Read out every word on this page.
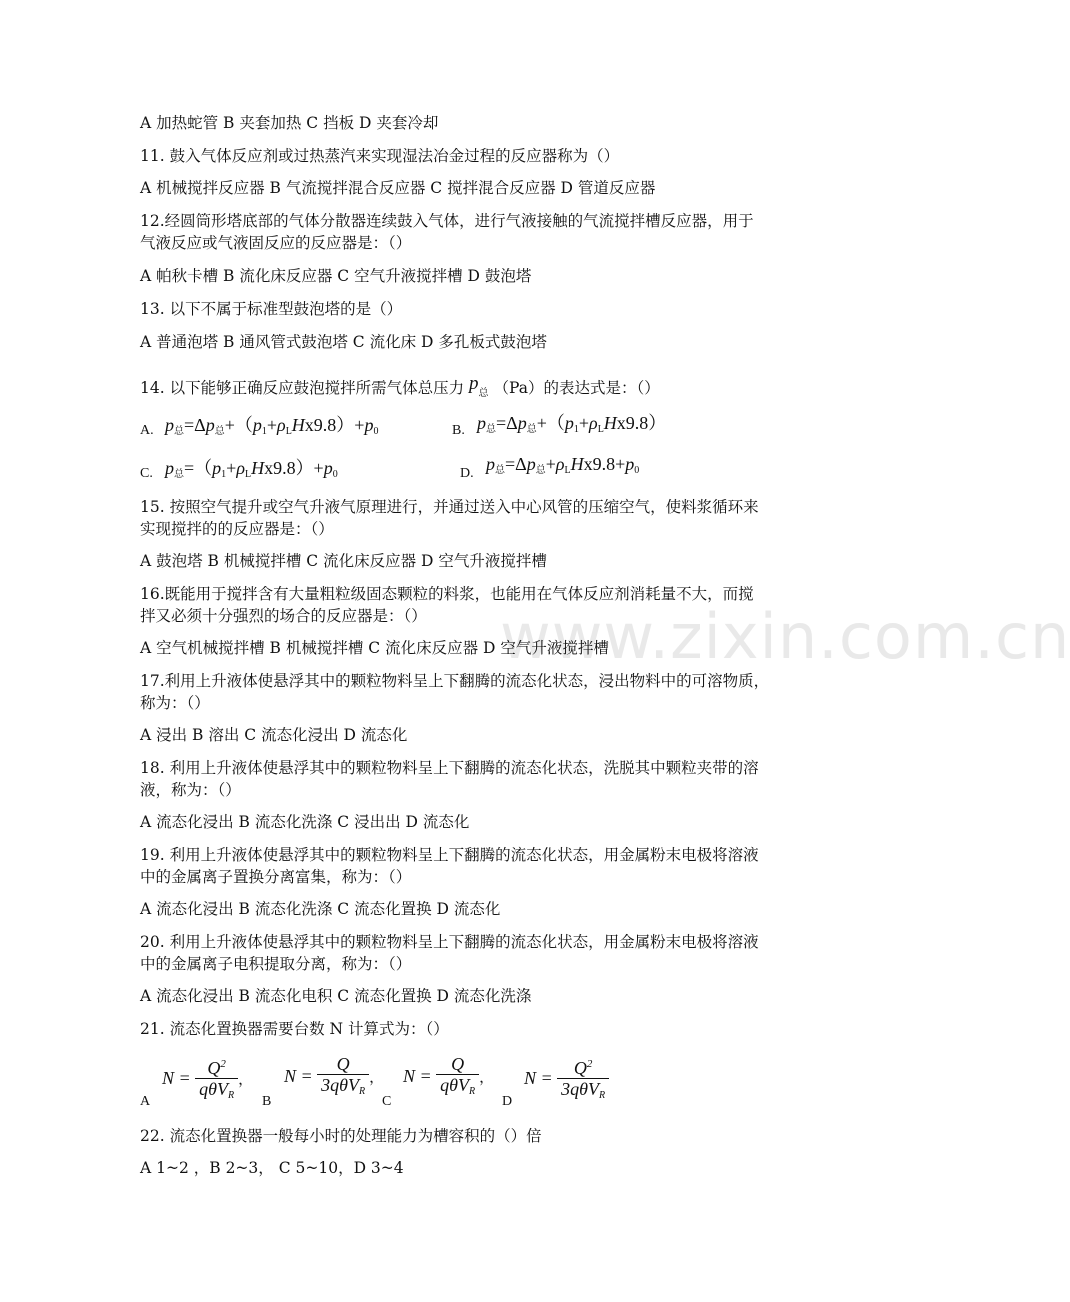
www.zixin.com.cn
A 加热蛇管 B 夹套加热 C 挡板 D 夹套冷却
11. 鼓入气体反应剂或过热蒸汽来实现湿法冶金过程的反应器称为（）
A 机械搅拌反应器 B 气流搅拌混合反应器 C 搅拌混合反应器 D 管道反应器
12.经圆筒形塔底部的气体分散器连续鼓入气体，进行气液接触的气流搅拌槽反应器，用于
气液反应或气液固反应的反应器是：（）
A 帕秋卡槽 B 流化床反应器 C 空气升液搅拌槽 D 鼓泡塔
13. 以下不属于标准型鼓泡塔的是（）
A 普通泡塔 B 通风管式鼓泡塔 C 流化床 D 多孔板式鼓泡塔
14. 以下能够正确反应鼓泡搅拌所需气体总压力 $p_总$ （Pa）的表达式是：（）
A. $p_总=\Delta p_总+(p_1+\rho_LHx9.8)+p_0$	B. $p_总=\Delta p_总+(p_1+\rho_LHx9.8)$
C. $p_总=(p_1+\rho_LHx9.8)+p_0$	D. $p_总=\Delta p_总+\rho_LHx9.8+p_0$
15. 按照空气提升或空气升液气原理进行，并通过送入中心风管的压缩空气，使料浆循环来
实现搅拌的的反应器是：（）
A 鼓泡塔 B 机械搅拌槽 C 流化床反应器 D 空气升液搅拌槽
16.既能用于搅拌含有大量粗粒级固态颗粒的料浆，也能用在气体反应剂消耗量不大，而搅
拌又必须十分强烈的场合的反应器是：（）
A 空气机械搅拌槽 B 机械搅拌槽 C 流化床反应器 D 空气升液搅拌槽
17.利用上升液体使悬浮其中的颗粒物料呈上下翻腾的流态化状态，浸出物料中的可溶物质，
称为：（）
A 浸出 B 溶出 C 流态化浸出 D 流态化
18. 利用上升液体使悬浮其中的颗粒物料呈上下翻腾的流态化状态，洗脱其中颗粒夹带的溶
液，称为：（）
A 流态化浸出 B 流态化洗涤 C 浸出出 D 流态化
19. 利用上升液体使悬浮其中的颗粒物料呈上下翻腾的流态化状态，用金属粉末电极将溶液
中的金属离子置换分离富集，称为：（）
A 流态化浸出 B 流态化洗涤 C 流态化置换 D 流态化
20. 利用上升液体使悬浮其中的颗粒物料呈上下翻腾的流态化状态，用金属粉末电极将溶液
中的金属离子电积提取分离，称为：（）
A 流态化浸出 B 流态化电积 C 流态化置换 D 流态化洗涤
21. 流态化置换器需要台数 N 计算式为：（）
A
$N = \frac{Q^2}{q\theta V_R}$ ，
B
$N = \frac{Q}{3q\theta V_R}$ ，
C
$N = \frac{Q}{q\theta V_R}$ ，
D
$N = \frac{Q^2}{3q\theta V_R}$
22. 流态化置换器一般每小时的处理能力为槽容积的（）倍
A 1~2 ，B 2~3， C 5~10，D 3~4
